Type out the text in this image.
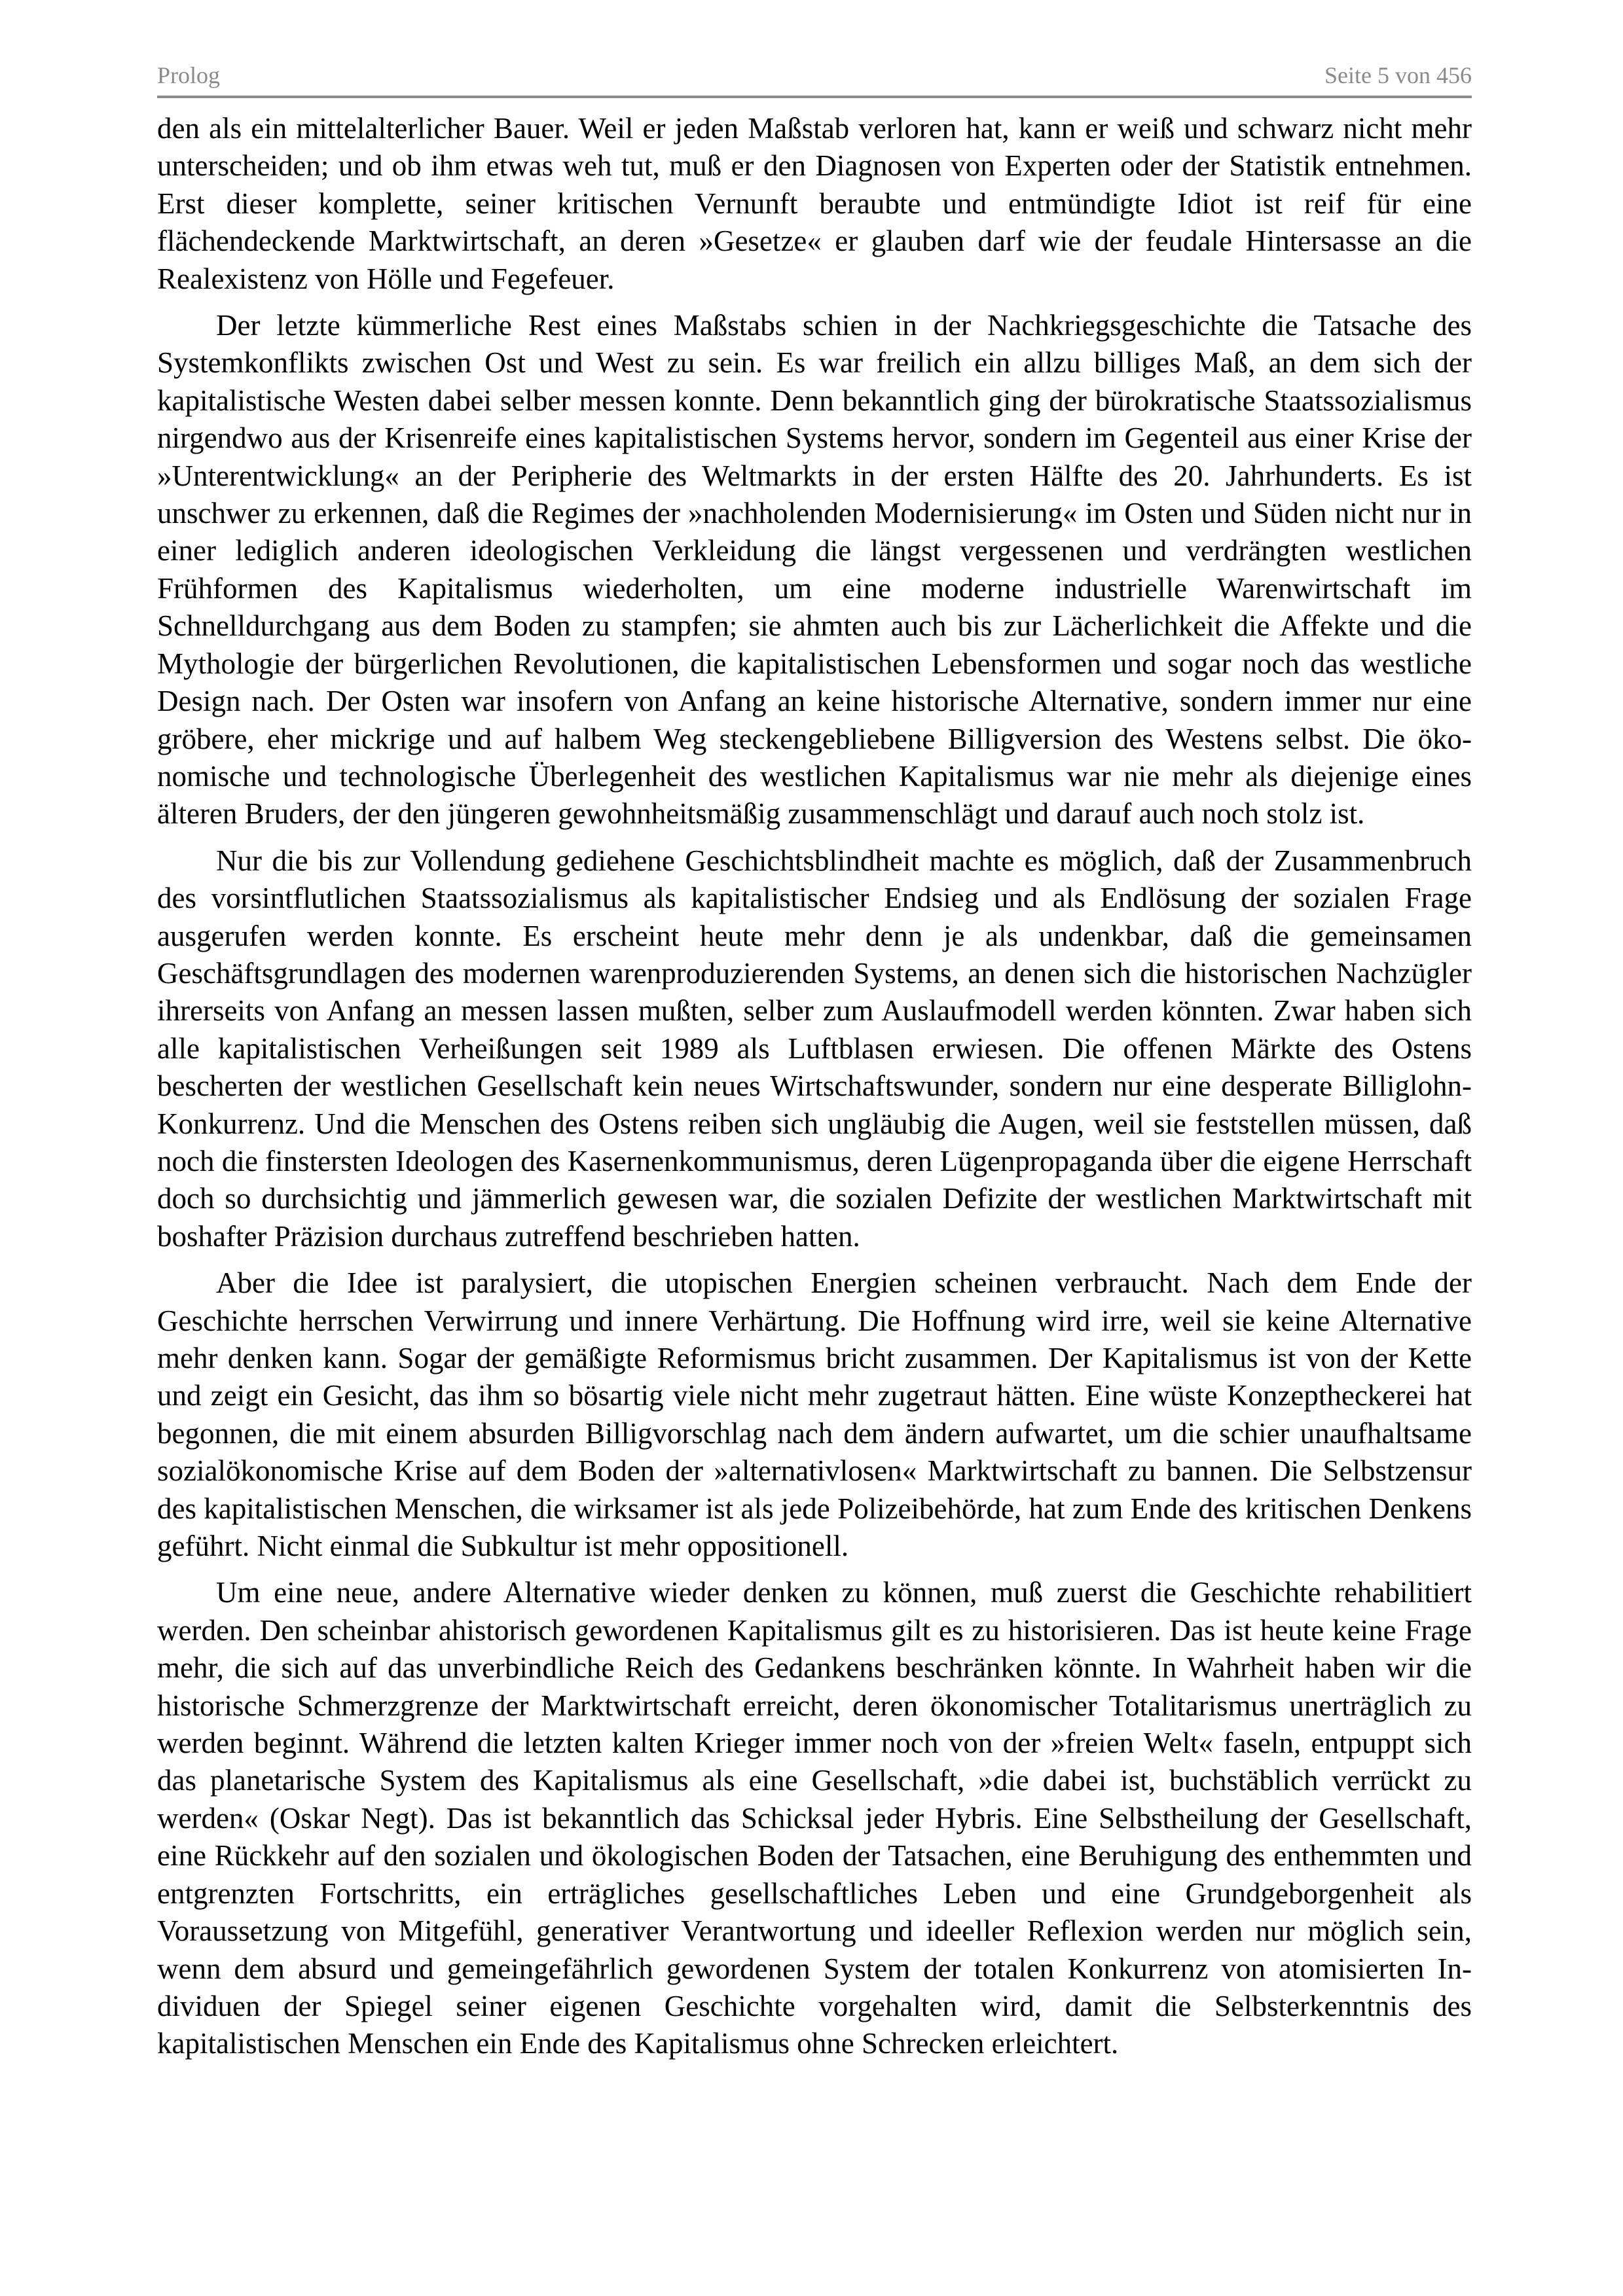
Prolog	Seite 5 von 456

den als ein mittelalterlicher Bauer. Weil er jeden Maßstab verloren hat, kann er weiß und schwarz nicht mehr unterscheiden; und ob ihm etwas weh tut, muß er den Diagnosen von Experten oder der Statistik entnehmen. Erst dieser komplette, seiner kritischen Vernunft beraubte und entmündigte Idiot ist reif für eine flächendeckende Marktwirtschaft, an deren »Gesetze« er glauben darf wie der feudale Hintersasse an die Realexistenz von Hölle und Fegefeuer.

Der letzte kümmerliche Rest eines Maßstabs schien in der Nachkriegsgeschichte die Tatsache des Systemkonflikts zwischen Ost und West zu sein. Es war freilich ein allzu billiges Maß, an dem sich der kapitalistische Westen dabei selber messen konnte. Denn bekanntlich ging der bürokratische Staatssozialismus nirgendwo aus der Krisenreife eines kapitalistischen Systems hervor, sondern im Gegenteil aus einer Krise der »Unterentwicklung« an der Peripherie des Weltmarkts in der ersten Hälfte des 20. Jahrhunderts. Es ist unschwer zu erkennen, daß die Regimes der »nachholenden Modernisierung« im Osten und Süden nicht nur in einer lediglich anderen ideologischen Verkleidung die längst vergessenen und verdrängten westlichen Frühformen des Kapitalismus wiederholten, um eine moderne industrielle Warenwirtschaft im Schnelldurchgang aus dem Boden zu stampfen; sie ahmten auch bis zur Lächerlichkeit die Affekte und die Mythologie der bürgerlichen Revolutionen, die kapitalistischen Lebensformen und sogar noch das westliche Design nach. Der Osten war insofern von Anfang an keine historische Alternative, sondern immer nur eine gröbere, eher mickrige und auf halbem Weg steckengebliebene Billigversion des Westens selbst. Die ökonomische und technologische Überlegenheit des westlichen Kapitalismus war nie mehr als diejenige eines älteren Bruders, der den jüngeren gewohnheitsmäßig zusammenschlägt und darauf auch noch stolz ist.

Nur die bis zur Vollendung gediehene Geschichtsblindheit machte es möglich, daß der Zusammenbruch des vorsintflutlichen Staatssozialismus als kapitalistischer Endsieg und als Endlösung der sozialen Frage ausgerufen werden konnte. Es erscheint heute mehr denn je als undenkbar, daß die gemeinsamen Geschäftsgrundlagen des modernen warenproduzierenden Systems, an denen sich die historischen Nachzügler ihrerseits von Anfang an messen lassen mußten, selber zum Auslaufmodell werden könnten. Zwar haben sich alle kapitalistischen Verheißungen seit 1989 als Luftblasen erwiesen. Die offenen Märkte des Ostens bescherten der westlichen Gesellschaft kein neues Wirtschaftswunder, sondern nur eine desperate Billiglohn-Konkurrenz. Und die Menschen des Ostens reiben sich ungläubig die Augen, weil sie feststellen müssen, daß noch die finstersten Ideologen des Kasernenkommunismus, deren Lügenpropaganda über die eigene Herrschaft doch so durchsichtig und jämmerlich gewesen war, die sozialen Defizite der westlichen Marktwirtschaft mit boshafter Präzision durchaus zutreffend beschrieben hatten.

Aber die Idee ist paralysiert, die utopischen Energien scheinen verbraucht. Nach dem Ende der Geschichte herrschen Verwirrung und innere Verhärtung. Die Hoffnung wird irre, weil sie keine Alternative mehr denken kann. Sogar der gemäßigte Reformismus bricht zusammen. Der Kapitalismus ist von der Kette und zeigt ein Gesicht, das ihm so bösartig viele nicht mehr zugetraut hätten. Eine wüste Konzeptheckerei hat begonnen, die mit einem absurden Billigvorschlag nach dem ändern aufwartet, um die schier unaufhaltsame sozialökonomische Krise auf dem Boden der »alternativlosen« Marktwirtschaft zu bannen. Die Selbstzensur des kapitalistischen Menschen, die wirksamer ist als jede Polizeibehörde, hat zum Ende des kritischen Denkens geführt. Nicht einmal die Subkultur ist mehr oppositionell.

Um eine neue, andere Alternative wieder denken zu können, muß zuerst die Geschichte rehabilitiert werden. Den scheinbar ahistorisch gewordenen Kapitalismus gilt es zu historisieren. Das ist heute keine Frage mehr, die sich auf das unverbindliche Reich des Gedankens beschränken könnte. In Wahrheit haben wir die historische Schmerzgrenze der Marktwirtschaft erreicht, deren ökonomischer Totalitarismus unerträglich zu werden beginnt. Während die letzten kalten Krieger immer noch von der »freien Welt« faseln, entpuppt sich das planetarische System des Kapitalismus als eine Gesellschaft, »die dabei ist, buchstäblich verrückt zu werden« (Oskar Negt). Das ist bekanntlich das Schicksal jeder Hybris. Eine Selbstheilung der Gesellschaft, eine Rückkehr auf den sozialen und ökologischen Boden der Tatsachen, eine Beruhigung des enthemmten und entgrenzten Fortschritts, ein erträgliches gesellschaftliches Leben und eine Grundgeborgenheit als Voraussetzung von Mitgefühl, generativer Verantwortung und ideeller Reflexion werden nur möglich sein, wenn dem absurd und gemeingefährlich gewordenen System der totalen Konkurrenz von atomisierten Individuen der Spiegel seiner eigenen Geschichte vorgehalten wird, damit die Selbsterkenntnis des kapitalistischen Menschen ein Ende des Kapitalismus ohne Schrecken erleichtert.
